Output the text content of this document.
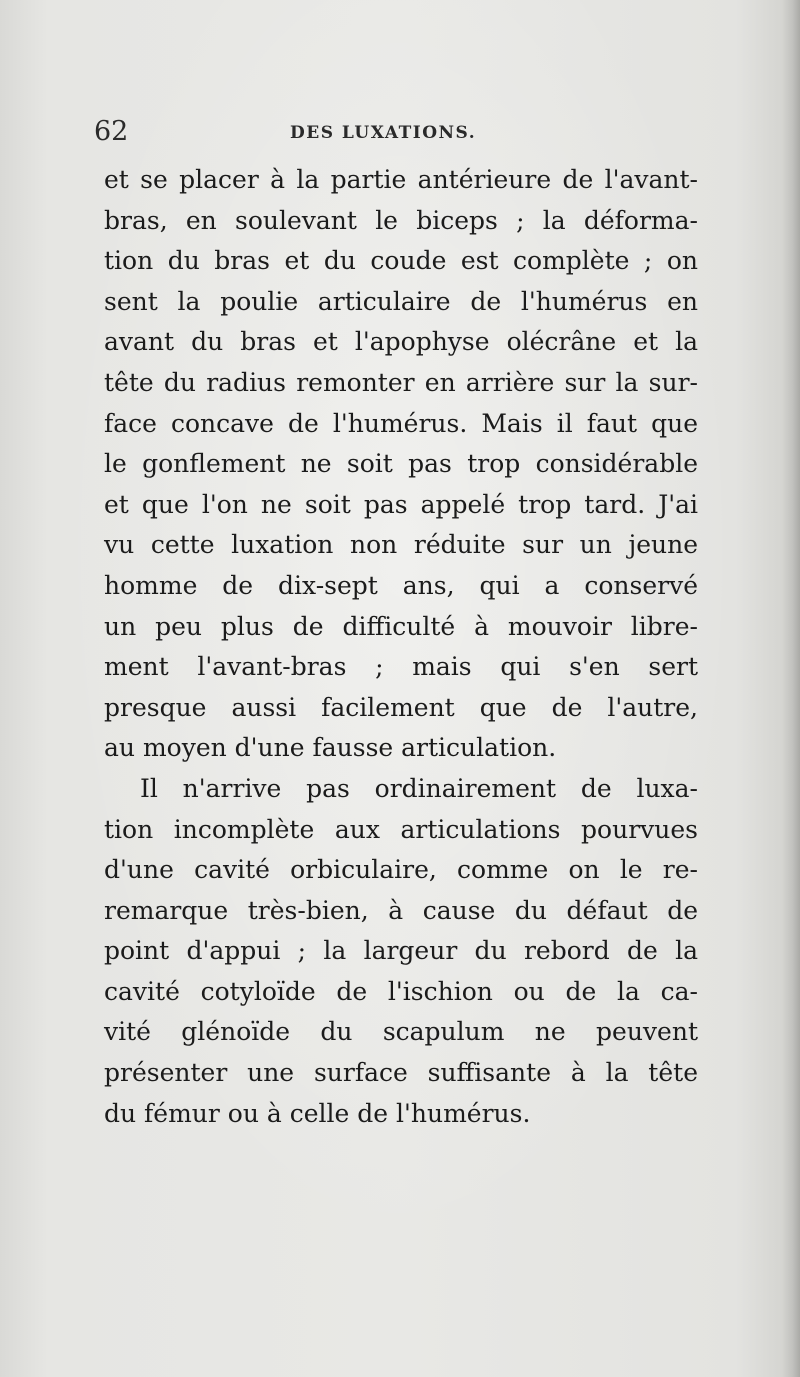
62	DES LUXATIONS.
et se placer à la partie antérieure de l'avant-
bras, en soulevant le biceps ; la déforma-
tion du bras et du coude est complète ; on
sent la poulie articulaire de l'humérus en
avant du bras et l'apophyse olécrâne et la
tête du radius remonter en arrière sur la sur-
face concave de l'humérus. Mais il faut que
le gonflement ne soit pas trop considérable
et que l'on ne soit pas appelé trop tard. J'ai
vu cette luxation non réduite sur un jeune
homme de dix-sept ans, qui a conservé
un peu plus de difficulté à mouvoir libre-
ment l'avant-bras ; mais qui s'en sert
presque aussi facilement que de l'autre,
au moyen d'une fausse articulation.
Il n'arrive pas ordinairement de luxa-
tion incomplète aux articulations pourvues
d'une cavité orbiculaire, comme on le re-
remarque très-bien, à cause du défaut de
point d'appui ; la largeur du rebord de la
cavité cotyloïde de l'ischion ou de la ca-
vité glénoïde du scapulum ne peuvent
présenter une surface suffisante à la tête
du fémur ou à celle de l'humérus.
